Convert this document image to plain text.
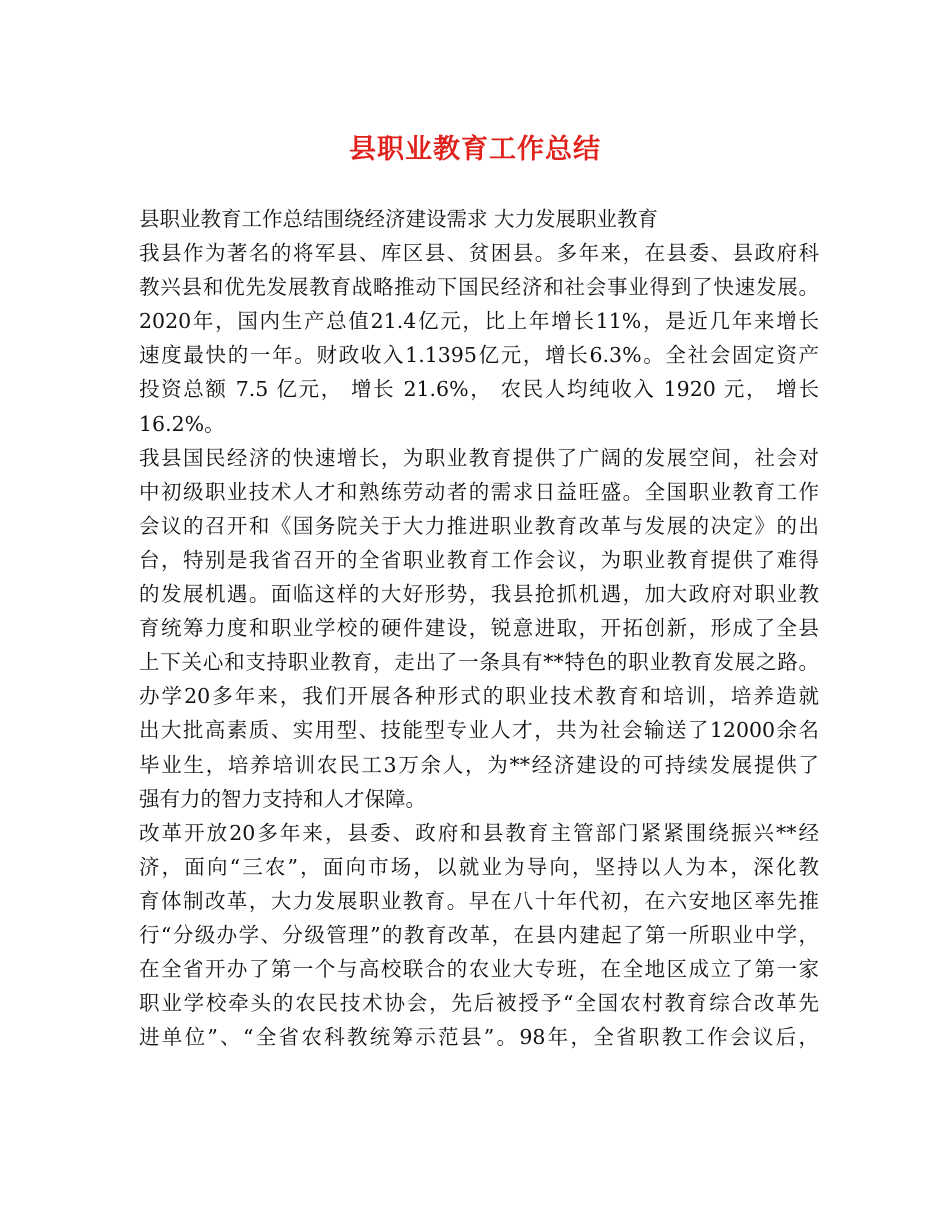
县职业教育工作总结
县职业教育工作总结围绕经济建设需求 大力发展职业教育
我县作为著名的将军县、库区县、贫困县。多年来，在县委、县政府科
教兴县和优先发展教育战略推动下国民经济和社会事业得到了快速发展。
2020年，国内生产总值21.4亿元，比上年增长11%，是近几年来增长
速度最快的一年。财政收入1.1395亿元，增长6.3%。全社会固定资产
投资总额 7.5 亿元， 增长 21.6%， 农民人均纯收入 1920 元， 增长
16.2%。
我县国民经济的快速增长，为职业教育提供了广阔的发展空间，社会对
中初级职业技术人才和熟练劳动者的需求日益旺盛。全国职业教育工作
会议的召开和《国务院关于大力推进职业教育改革与发展的决定》的出
台，特别是我省召开的全省职业教育工作会议，为职业教育提供了难得
的发展机遇。面临这样的大好形势，我县抢抓机遇，加大政府对职业教
育统筹力度和职业学校的硬件建设，锐意进取，开拓创新，形成了全县
上下关心和支持职业教育，走出了一条具有**特色的职业教育发展之路。
办学20多年来，我们开展各种形式的职业技术教育和培训，培养造就
出大批高素质、实用型、技能型专业人才，共为社会输送了12000余名
毕业生，培养培训农民工3万余人，为**经济建设的可持续发展提供了
强有力的智力支持和人才保障。
改革开放20多年来，县委、政府和县教育主管部门紧紧围绕振兴**经
济，面向“三农”，面向市场，以就业为导向，坚持以人为本，深化教
育体制改革，大力发展职业教育。早在八十年代初，在六安地区率先推
行“分级办学、分级管理”的教育改革，在县内建起了第一所职业中学，
在全省开办了第一个与高校联合的农业大专班，在全地区成立了第一家
职业学校牵头的农民技术协会，先后被授予“全国农村教育综合改革先
进单位”、“全省农科教统筹示范县”。98年，全省职教工作会议后，
